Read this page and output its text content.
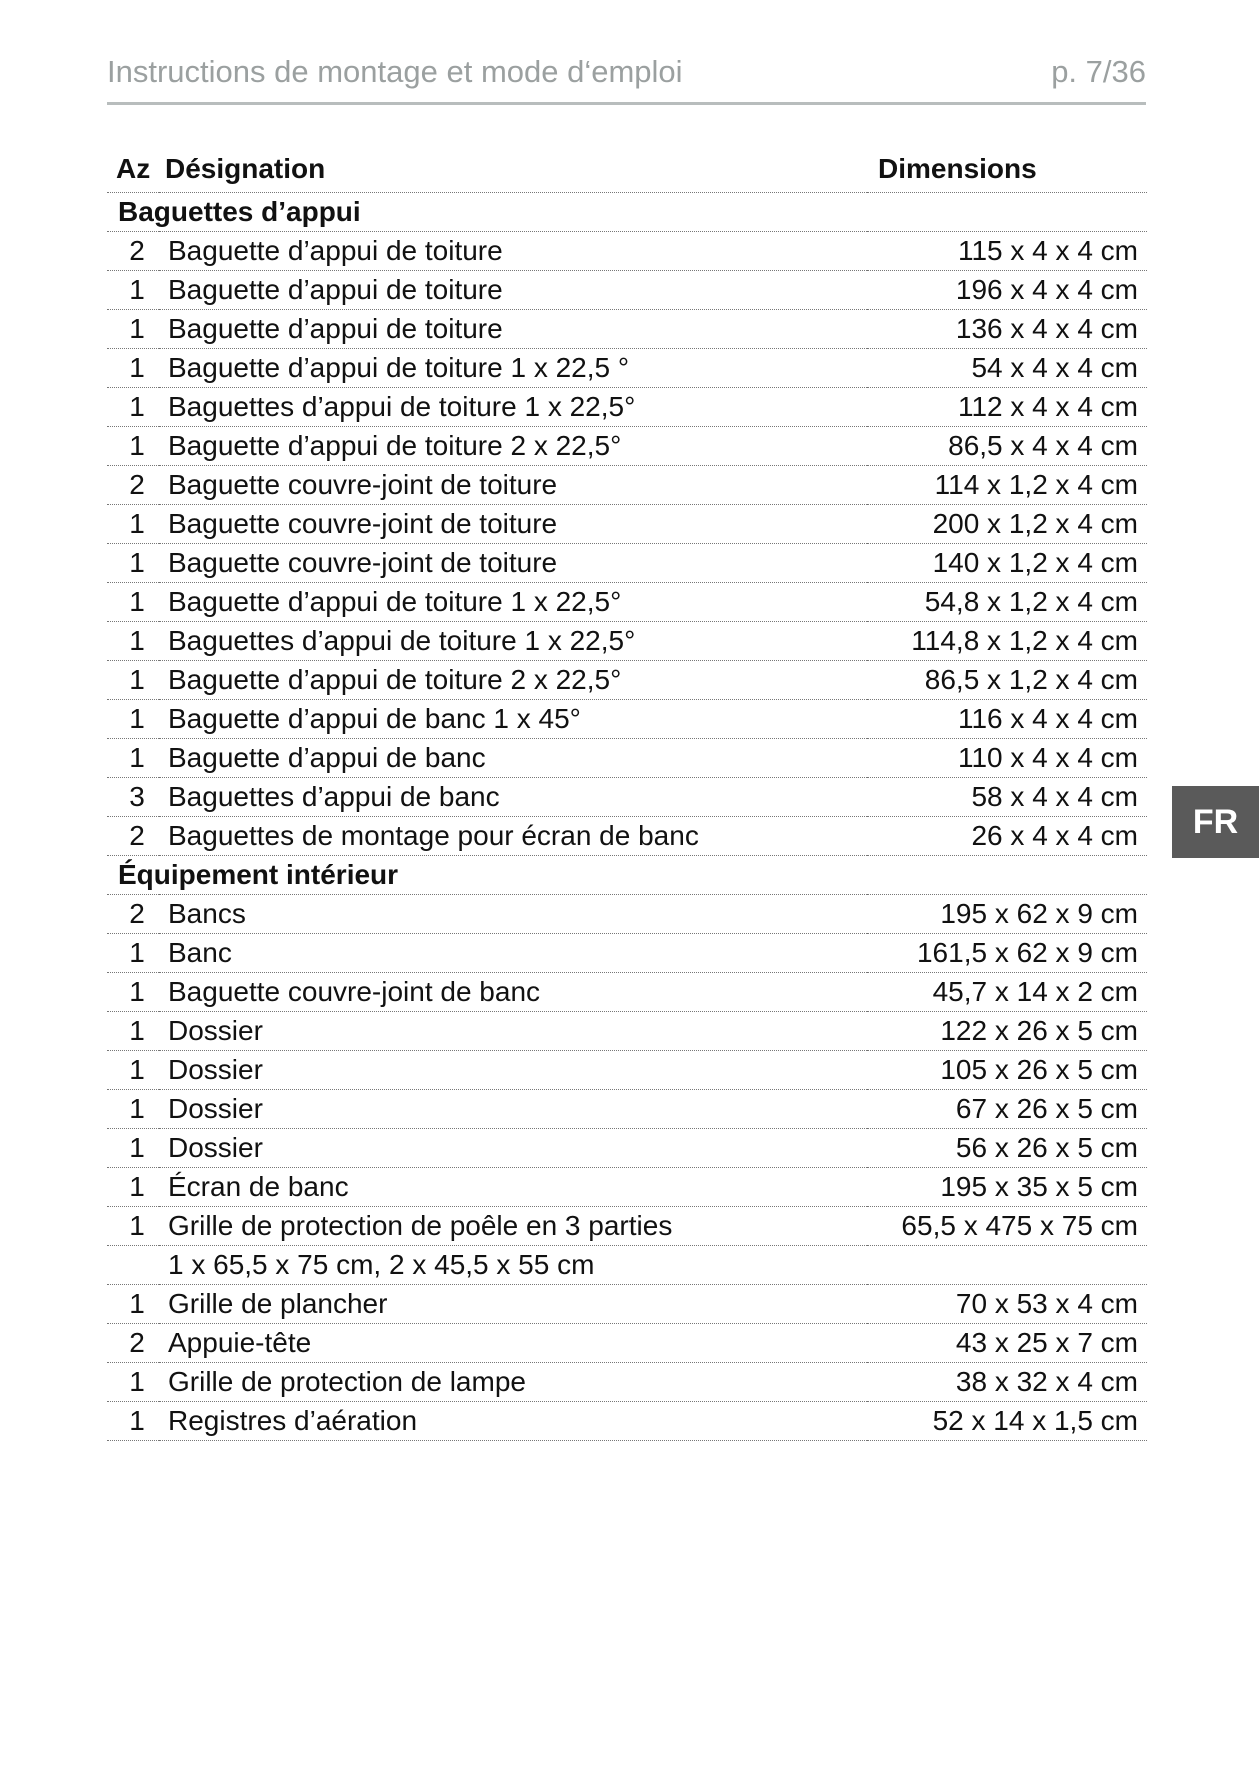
Instructions de montage et mode d‘emploi	p. 7/36
Az	Désignation	Dimensions
Baguettes d’appui		
2	Baguette d’appui de toiture	115 x 4 x 4 cm
1	Baguette d’appui de toiture	196 x 4 x 4 cm
1	Baguette d’appui de toiture	136 x 4 x 4 cm
1	Baguette d’appui de toiture 1 x 22,5 °	54 x 4 x 4 cm
1	Baguettes d’appui de toiture 1 x 22,5°	112 x 4 x 4 cm
1	Baguette d’appui de toiture 2 x 22,5°	86,5 x 4 x 4 cm
2	Baguette couvre-joint de toiture	114 x 1,2 x 4 cm
1	Baguette couvre-joint de toiture	200 x 1,2 x 4 cm
1	Baguette couvre-joint de toiture	140 x 1,2 x 4 cm
1	Baguette d’appui de toiture 1 x 22,5°	54,8 x 1,2 x 4 cm
1	Baguettes d’appui de toiture 1 x 22,5°	114,8 x 1,2 x 4 cm
1	Baguette d’appui de toiture 2 x 22,5°	86,5 x 1,2 x 4 cm
1	Baguette d’appui de banc 1 x 45°	116 x 4 x 4 cm
1	Baguette d’appui de banc	110 x 4 x 4 cm
3	Baguettes d’appui de banc	58 x 4 x 4 cm
2	Baguettes de montage pour écran de banc	26 x 4 x 4 cm
Équipement intérieur		
2	Bancs	195 x 62 x 9 cm
1	Banc	161,5 x 62 x 9 cm
1	Baguette couvre-joint de banc	45,7 x 14 x 2 cm
1	Dossier	122 x 26 x 5 cm
1	Dossier	105 x 26 x 5 cm
1	Dossier	67 x 26 x 5 cm
1	Dossier	56 x 26 x 5 cm
1	Écran de banc	195 x 35 x 5 cm
1	Grille de protection de poêle en 3 parties	65,5 x 475 x 75 cm
	1 x 65,5 x 75 cm, 2 x 45,5 x 55 cm	
1	Grille de plancher	70 x 53 x 4 cm
2	Appuie-tête	43 x 25 x 7 cm
1	Grille de protection de lampe	38 x 32 x 4 cm
1	Registres d’aération	52 x 14 x 1,5 cm
FR
